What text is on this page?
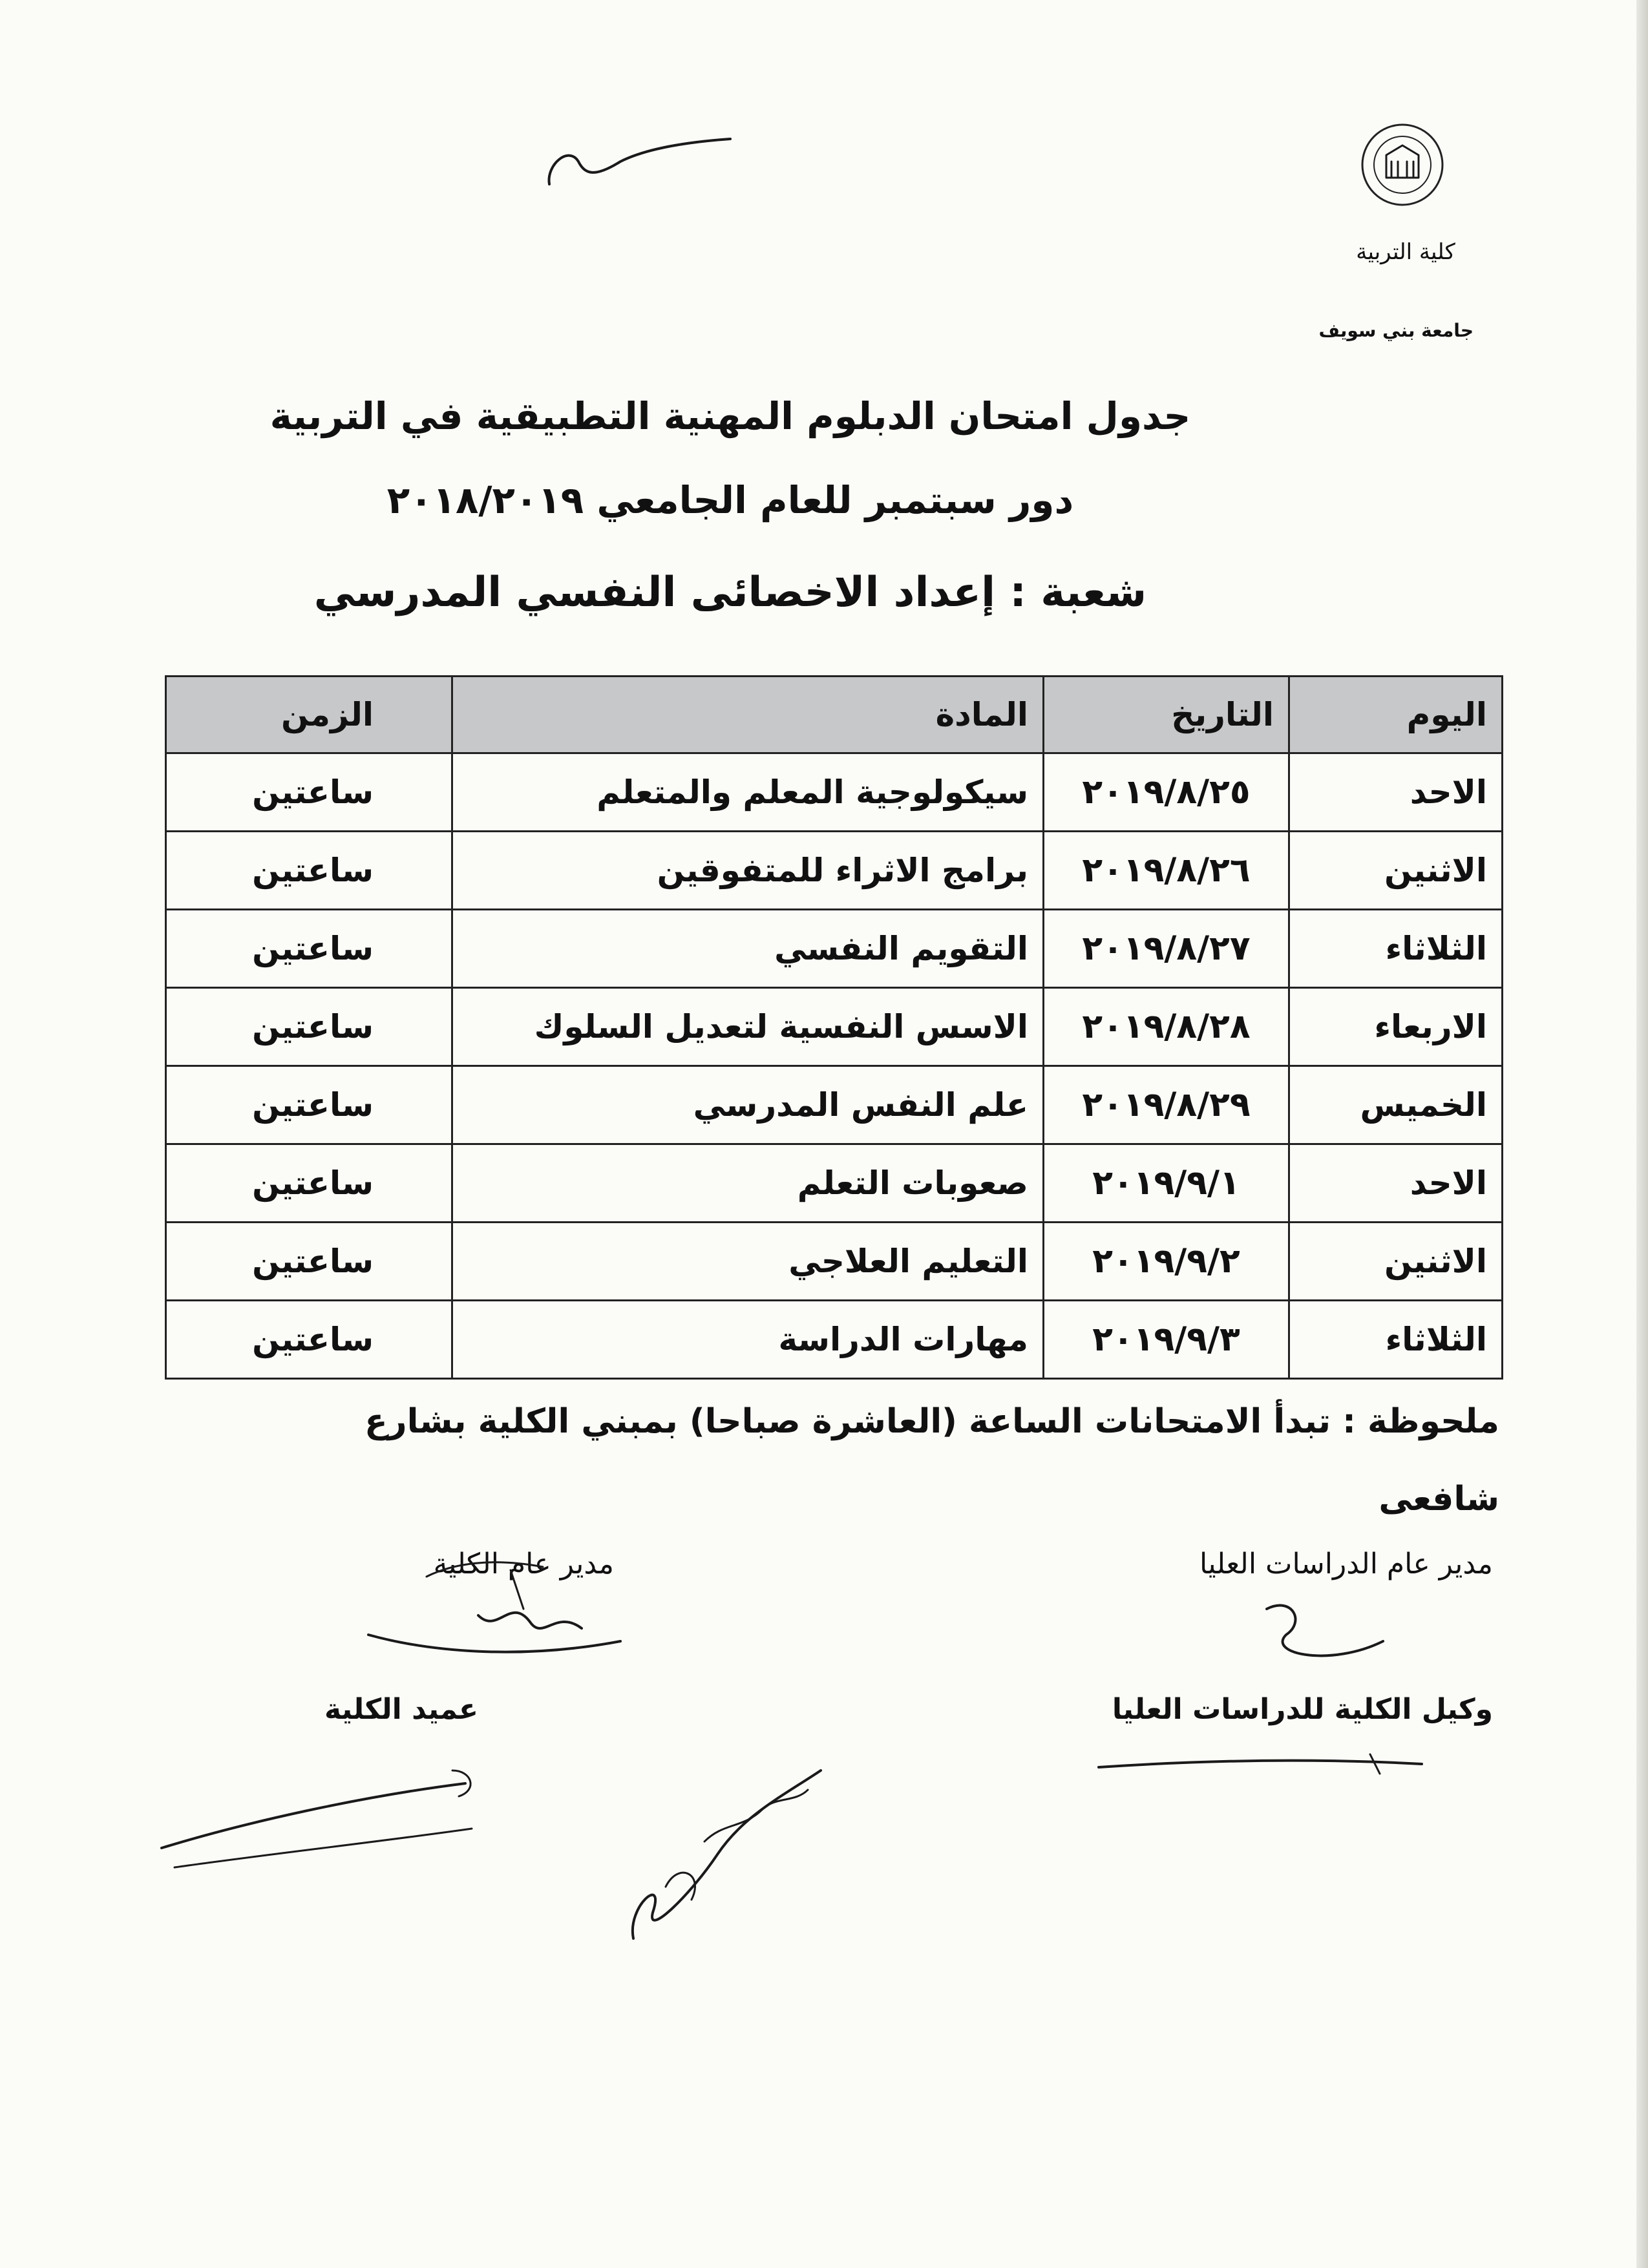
كلية التربية
جامعة بني سويف
جدول امتحان الدبلوم المهنية التطبيقية في التربية
دور سبتمبر للعام الجامعي ٢٠١٨/٢٠١٩
شعبة : إعداد الاخصائى النفسي المدرسي
اليوم	التاريخ	المادة	الزمن
الاحد	٢٠١٩/٨/٢٥	سيكولوجية المعلم والمتعلم	ساعتين
الاثنين	٢٠١٩/٨/٢٦	برامج الاثراء للمتفوقين	ساعتين
الثلاثاء	٢٠١٩/٨/٢٧	التقويم النفسي	ساعتين
الاربعاء	٢٠١٩/٨/٢٨	الاسس النفسية لتعديل السلوك	ساعتين
الخميس	٢٠١٩/٨/٢٩	علم النفس المدرسي	ساعتين
الاحد	٢٠١٩/٩/١	صعوبات التعلم	ساعتين
الاثنين	٢٠١٩/٩/٢	التعليم العلاجي	ساعتين
الثلاثاء	٢٠١٩/٩/٣	مهارات الدراسة	ساعتين
ملحوظة : تبدأ الامتحانات الساعة (العاشرة صباحا) بمبني الكلية بشارع شافعى
مدير عام الدراسات العليا
مدير عام الكلية
وكيل الكلية للدراسات العليا
عميد الكلية
